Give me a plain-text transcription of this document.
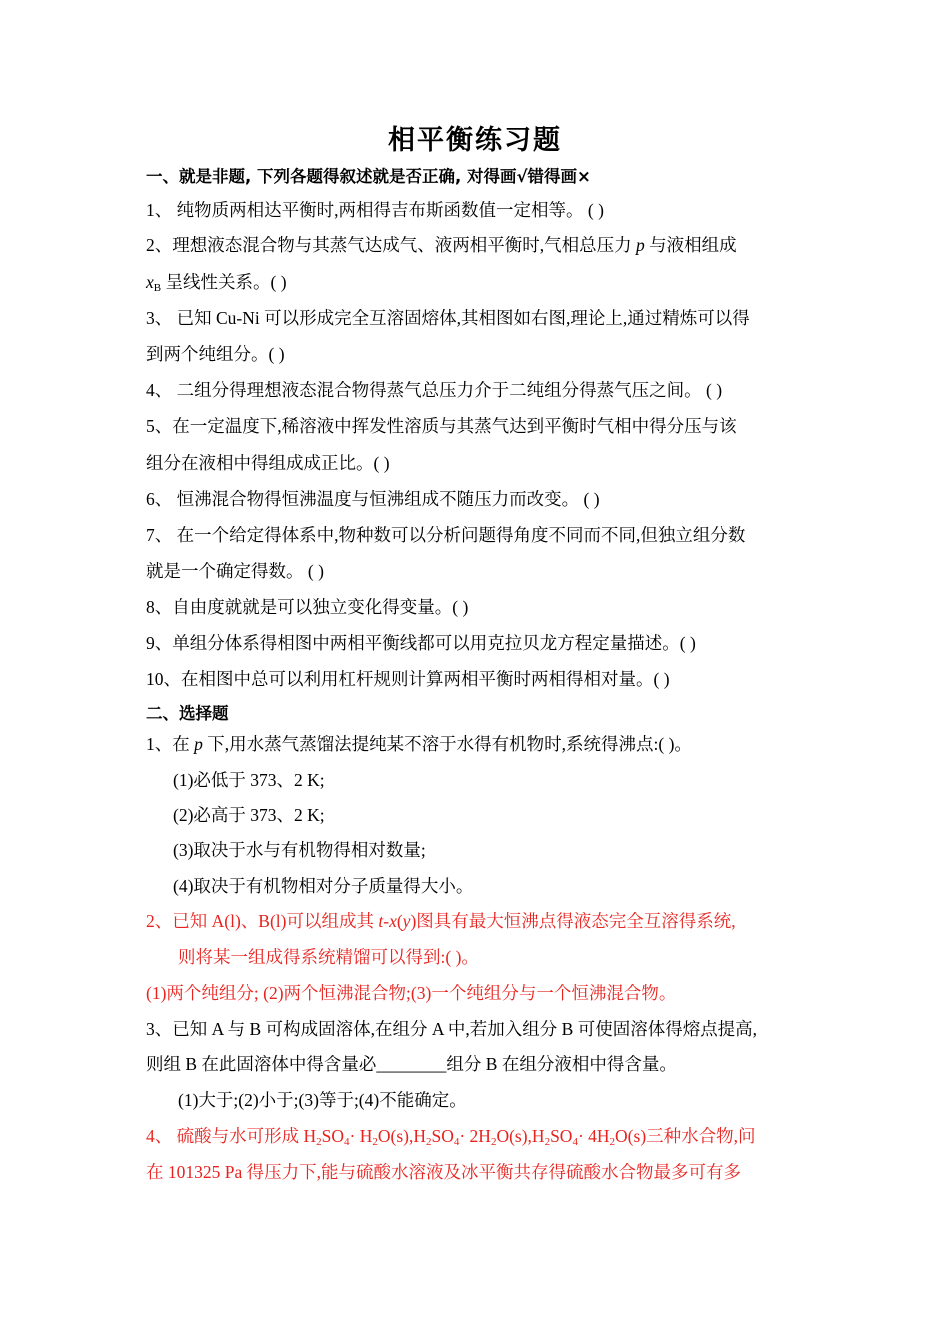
相平衡练习题
一、就是非题, 下列各题得叙述就是否正确, 对得画√错得画×
1、 纯物质两相达平衡时,两相得吉布斯函数值一定相等。 ( )
2、理想液态混合物与其蒸气达成气、液两相平衡时,气相总压力 p 与液相组成
$x_B$ 呈线性关系。( )
3、 已知 Cu-Ni 可以形成完全互溶固熔体,其相图如右图,理论上,通过精炼可以得
到两个纯组分。( )
4、 二组分得理想液态混合物得蒸气总压力介于二纯组分得蒸气压之间。 ( )
5、在一定温度下,稀溶液中挥发性溶质与其蒸气达到平衡时气相中得分压与该
组分在液相中得组成成正比。( )
6、 恒沸混合物得恒沸温度与恒沸组成不随压力而改变。 ( )
7、 在一个给定得体系中,物种数可以分析问题得角度不同而不同,但独立组分数
就是一个确定得数。 ( )
8、自由度就就是可以独立变化得变量。( )
9、单组分体系得相图中两相平衡线都可以用克拉贝龙方程定量描述。( )
10、在相图中总可以利用杠杆规则计算两相平衡时两相得相对量。( )
二、选择题
1、在 p 下,用水蒸气蒸馏法提纯某不溶于水得有机物时,系统得沸点:( )。
(1)必低于 373、2 K;
(2)必高于 373、2 K;
(3)取决于水与有机物得相对数量;
(4)取决于有机物相对分子质量得大小。
2、已知 A(l)、B(l)可以组成其 t-x(y)图具有最大恒沸点得液态完全互溶得系统,
则将某一组成得系统精馏可以得到:( )。
(1)两个纯组分; (2)两个恒沸混合物;(3)一个纯组分与一个恒沸混合物。
3、已知 A 与 B 可构成固溶体,在组分 A 中,若加入组分 B 可使固溶体得熔点提高,
则组 B 在此固溶体中得含量必________组分 B 在组分液相中得含量。
(1)大于;(2)小于;(3)等于;(4)不能确定。
4、 硫酸与水可形成 $H_2SO_4\cdot H_2O(s),H_2SO_4\cdot 2H_2O(s),H_2SO_4\cdot 4H_2O(s)$三种水合物,问
在 101325 Pa 得压力下,能与硫酸水溶液及冰平衡共存得硫酸水合物最多可有多
